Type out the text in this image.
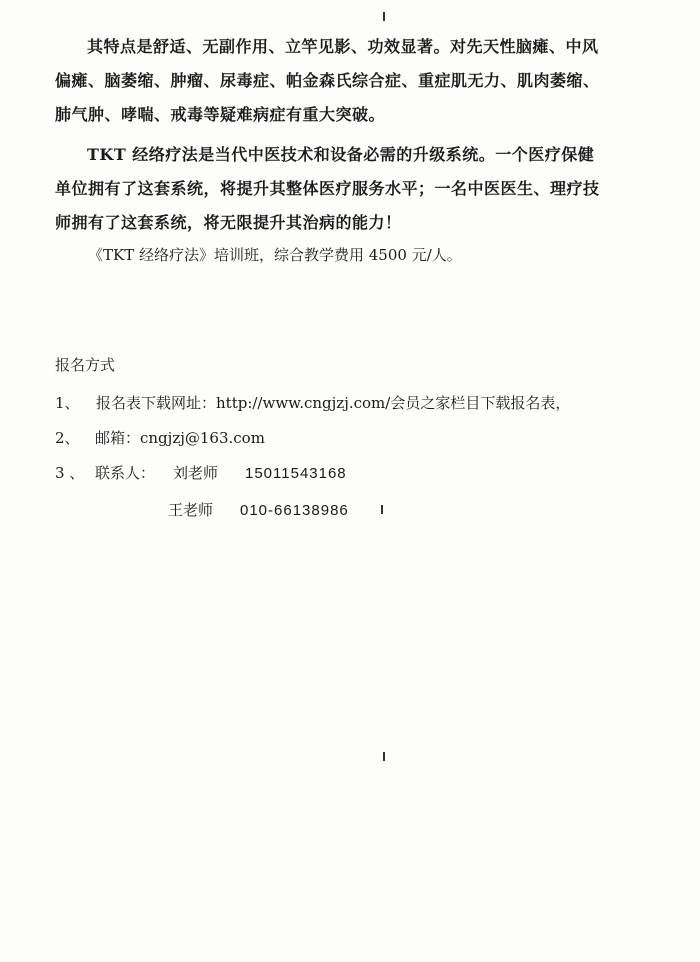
其特点是舒适、无副作用、立竿见影、功效显著。对先天性脑瘫、中风偏瘫、脑萎缩、肿瘤、尿毒症、帕金森氏综合症、重症肌无力、肌肉萎缩、肺气肿、哮喘、戒毒等疑难病症有重大突破。

TKT 经络疗法是当代中医技术和设备必需的升级系统。一个医疗保健单位拥有了这套系统，将提升其整体医疗服务水平；一名中医医生、理疗技师拥有了这套系统，将无限提升其治病的能力！

《TKT 经络疗法》培训班，综合教学费用 4500 元/人。

报名方式

1、 报名表下载网址：http://www.cngjzj.com/会员之家栏目下载报名表，

2、 邮箱：cngjzj@163.com

3 、 联系人： 刘老师 15011543168

王老师 010-66138986
